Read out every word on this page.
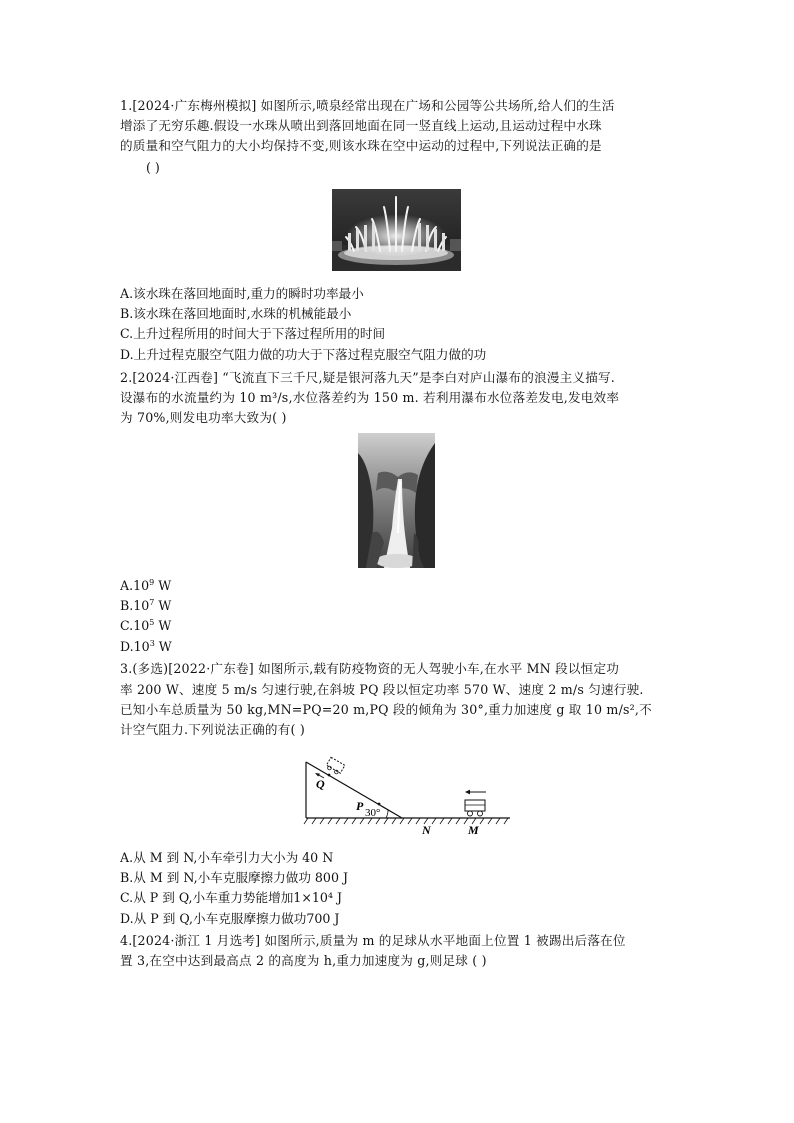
1.[2024·广东梅州模拟] 如图所示,喷泉经常出现在广场和公园等公共场所,给人们的生活
增添了无穷乐趣.假设一水珠从喷出到落回地面在同一竖直线上运动,且运动过程中水珠
的质量和空气阻力的大小均保持不变,则该水珠在空中运动的过程中,下列说法正确的是
( )
A.该水珠在落回地面时,重力的瞬时功率最小
B.该水珠在落回地面时,水珠的机械能最小
C.上升过程所用的时间大于下落过程所用的时间
D.上升过程克服空气阻力做的功大于下落过程克服空气阻力做的功
2.[2024·江西卷] “飞流直下三千尺,疑是银河落九天”是李白对庐山瀑布的浪漫主义描写.
设瀑布的水流量约为 10 m³/s,水位落差约为 150 m. 若利用瀑布水位落差发电,发电效率
为 70%,则发电功率大致为( )
$A.10^9$ W
$B.10^7$ W
$C.10^5$ W
$D.10^3$ W
3.(多选)[2022·广东卷] 如图所示,载有防疫物资的无人驾驶小车,在水平 MN 段以恒定功
率 200 W、速度 5 m/s 匀速行驶,在斜坡 PQ 段以恒定功率 570 W、速度 2 m/s 匀速行驶.
已知小车总质量为 50 kg,MN=PQ=20 m,PQ 段的倾角为 30°,重力加速度 g 取 10 m/s²,不
计空气阻力.下列说法正确的有( )
Q
P 30°
N	M
A.从 M 到 N,小车牵引力大小为 40 N
B.从 M 到 N,小车克服摩擦力做功 800 J
C.从 P 到 Q,小车重力势能增加1×10⁴ J
D.从 P 到 Q,小车克服摩擦力做功700 J
4.[2024·浙江 1 月选考] 如图所示,质量为 m 的足球从水平地面上位置 1 被踢出后落在位
置 3,在空中达到最高点 2 的高度为 h,重力加速度为 g,则足球 ( )
